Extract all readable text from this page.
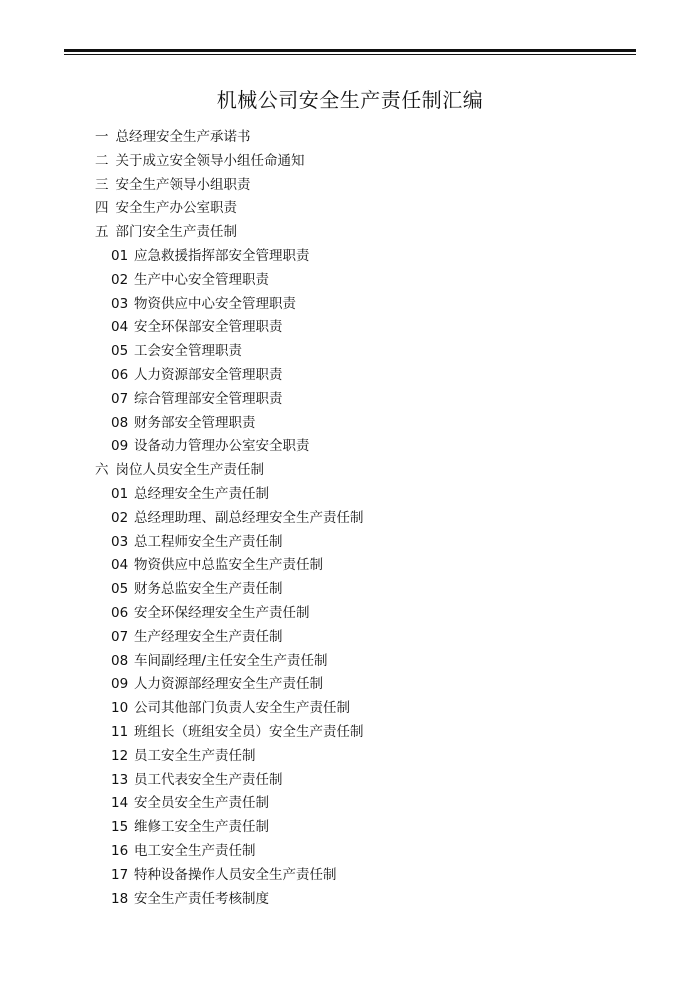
机械公司安全生产责任制汇编
一 总经理安全生产承诺书
二 关于成立安全领导小组任命通知
三 安全生产领导小组职责
四 安全生产办公室职责
五 部门安全生产责任制
01 应急救援指挥部安全管理职责
02 生产中心安全管理职责
03 物资供应中心安全管理职责
04 安全环保部安全管理职责
05 工会安全管理职责
06 人力资源部安全管理职责
07 综合管理部安全管理职责
08 财务部安全管理职责
09 设备动力管理办公室安全职责
六 岗位人员安全生产责任制
01 总经理安全生产责任制
02 总经理助理、副总经理安全生产责任制
03 总工程师安全生产责任制
04 物资供应中总监安全生产责任制
05 财务总监安全生产责任制
06 安全环保经理安全生产责任制
07 生产经理安全生产责任制
08 车间副经理/主任安全生产责任制
09 人力资源部经理安全生产责任制
10 公司其他部门负责人安全生产责任制
11 班组长（班组安全员）安全生产责任制
12 员工安全生产责任制
13 员工代表安全生产责任制
14 安全员安全生产责任制
15 维修工安全生产责任制
16 电工安全生产责任制
17 特种设备操作人员安全生产责任制
18 安全生产责任考核制度
